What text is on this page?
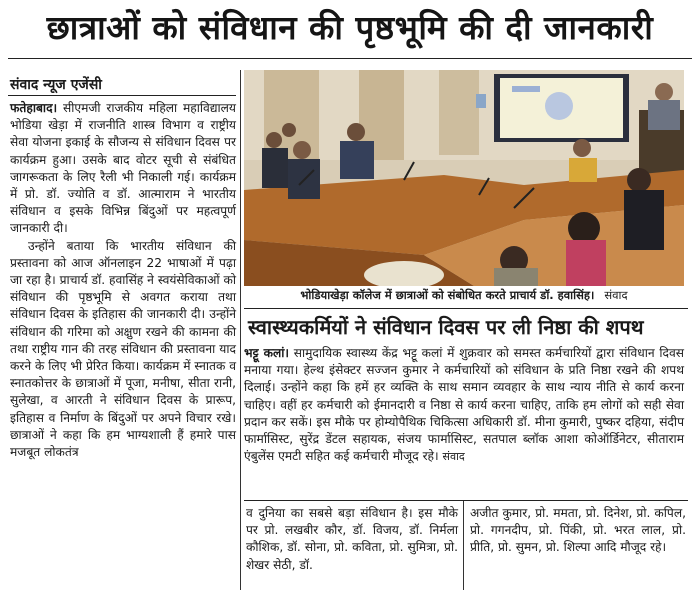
छात्राओं को संविधान की पृष्ठभूमि की दी जानकारी
संवाद न्यूज एजेंसी

फतेहाबाद। सीएमजी राजकीय महिला महाविद्यालय भोडिया खेड़ा में राजनीति शास्त्र विभाग व राष्ट्रीय सेवा योजना इकाई के सौजन्य से संविधान दिवस पर कार्यक्रम हुआ। उसके बाद वोटर सूची से संबंधित जागरूकता के लिए रैली भी निकाली गई। कार्यक्रम में प्रो. डॉ. ज्योति व डॉ. आत्माराम ने भारतीय संविधान व इसके विभिन्न बिंदुओं पर महत्वपूर्ण जानकारी दी।

उन्होंने बताया कि भारतीय संविधान की प्रस्तावना को आज ऑनलाइन 22 भाषाओं में पढ़ा जा रहा है। प्राचार्य डॉ. हवासिंह ने स्वयंसेविकाओं को संविधान की पृष्ठभूमि से अवगत कराया तथा संविधान दिवस के इतिहास की जानकारी दी। उन्होंने संविधान की गरिमा को अक्षुण रखने की कामना की तथा राष्ट्रीय गान की तरह संविधान की प्रस्तावना याद करने के लिए भी प्रेरित किया। कार्यक्रम में स्नातक व स्नातकोत्तर के छात्राओं में पूजा, मनीषा, सीता रानी, सुलेखा, व आरती ने संविधान दिवस के प्रारूप, इतिहास व निर्माण के बिंदुओं पर अपने विचार रखे। छात्राओं ने कहा कि हम भाग्यशाली हैं हमारे पास मजबूत लोकतंत्र

भोडियाखेड़ा कॉलेज में छात्राओं को संबोधित करते प्राचार्य डॉ. हवासिंह। संवाद
स्वास्थ्यकर्मियों ने संविधान दिवस पर ली निष्ठा की शपथ
भट्टू कलां। सामुदायिक स्वास्थ्य केंद्र भट्टू कलां में शुक्रवार को समस्त कर्मचारियों द्वारा संविधान दिवस मनाया गया। हेल्थ इंसेक्टर सज्जन कुमार ने कर्मचारियों को संविधान के प्रति निष्ठा रखने की शपथ दिलाई। उन्होंने कहा कि हमें हर व्यक्ति के साथ समान व्यवहार के साथ न्याय नीति से कार्य करना चाहिए। वहीं हर कर्मचारी को ईमानदारी व निष्ठा से कार्य करना चाहिए, ताकि हम लोगों को सही सेवा प्रदान कर सकें। इस मौके पर होम्योपैथिक चिकित्सा अधिकारी डॉ. मीना कुमारी, पुष्कर दहिया, संदीप फार्मासिस्ट, सुरेंद्र डेंटल सहायक, संजय फार्मासिस्ट, सतपाल ब्लॉक आशा कोऑर्डिनेटर, सीताराम एंबुलेंस एमटी सहित कई कर्मचारी मौजूद रहे। संवाद
व दुनिया का सबसे बड़ा संविधान है। इस मौके पर प्रो. लखबीर कौर, डॉ. विजय, डॉ. निर्मला कौशिक, डॉ. सोना, प्रो. कविता, प्रो. सुमित्रा, प्रो. शेखर सेठी, डॉ.
अजीत कुमार, प्रो. ममता, प्रो. दिनेश, प्रो. कपिल, प्रो. गगनदीप, प्रो. पिंकी, प्रो. भरत लाल, प्रो. प्रीति, प्रो. सुमन, प्रो. शिल्पा आदि मौजूद रहे।
